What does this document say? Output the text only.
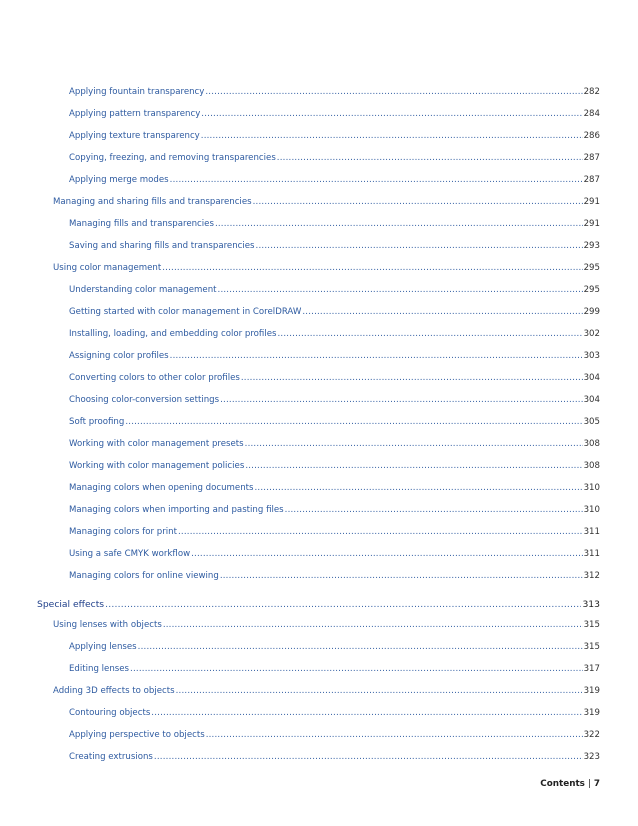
Applying fountain transparency .....	282
Applying pattern transparency .....	284
Applying texture transparency .....	286
Copying, freezing, and removing transparencies .....	287
Applying merge modes .....	287
Managing and sharing fills and transparencies .....	291
Managing fills and transparencies .....	291
Saving and sharing fills and transparencies .....	293
Using color management .....	295
Understanding color management .....	295
Getting started with color management in CorelDRAW .....	299
Installing, loading, and embedding color profiles .....	302
Assigning color profiles .....	303
Converting colors to other color profiles .....	304
Choosing color-conversion settings .....	304
Soft proofing .....	305
Working with color management presets .....	308
Working with color management policies .....	308
Managing colors when opening documents .....	310
Managing colors when importing and pasting files .....	310
Managing colors for print .....	311
Using a safe CMYK workflow .....	311
Managing colors for online viewing .....	312
Special effects .....	313
Using lenses with objects .....	315
Applying lenses .....	315
Editing lenses .....	317
Adding 3D effects to objects .....	319
Contouring objects .....	319
Applying perspective to objects .....	322
Creating extrusions .....	323
Contents | 7
